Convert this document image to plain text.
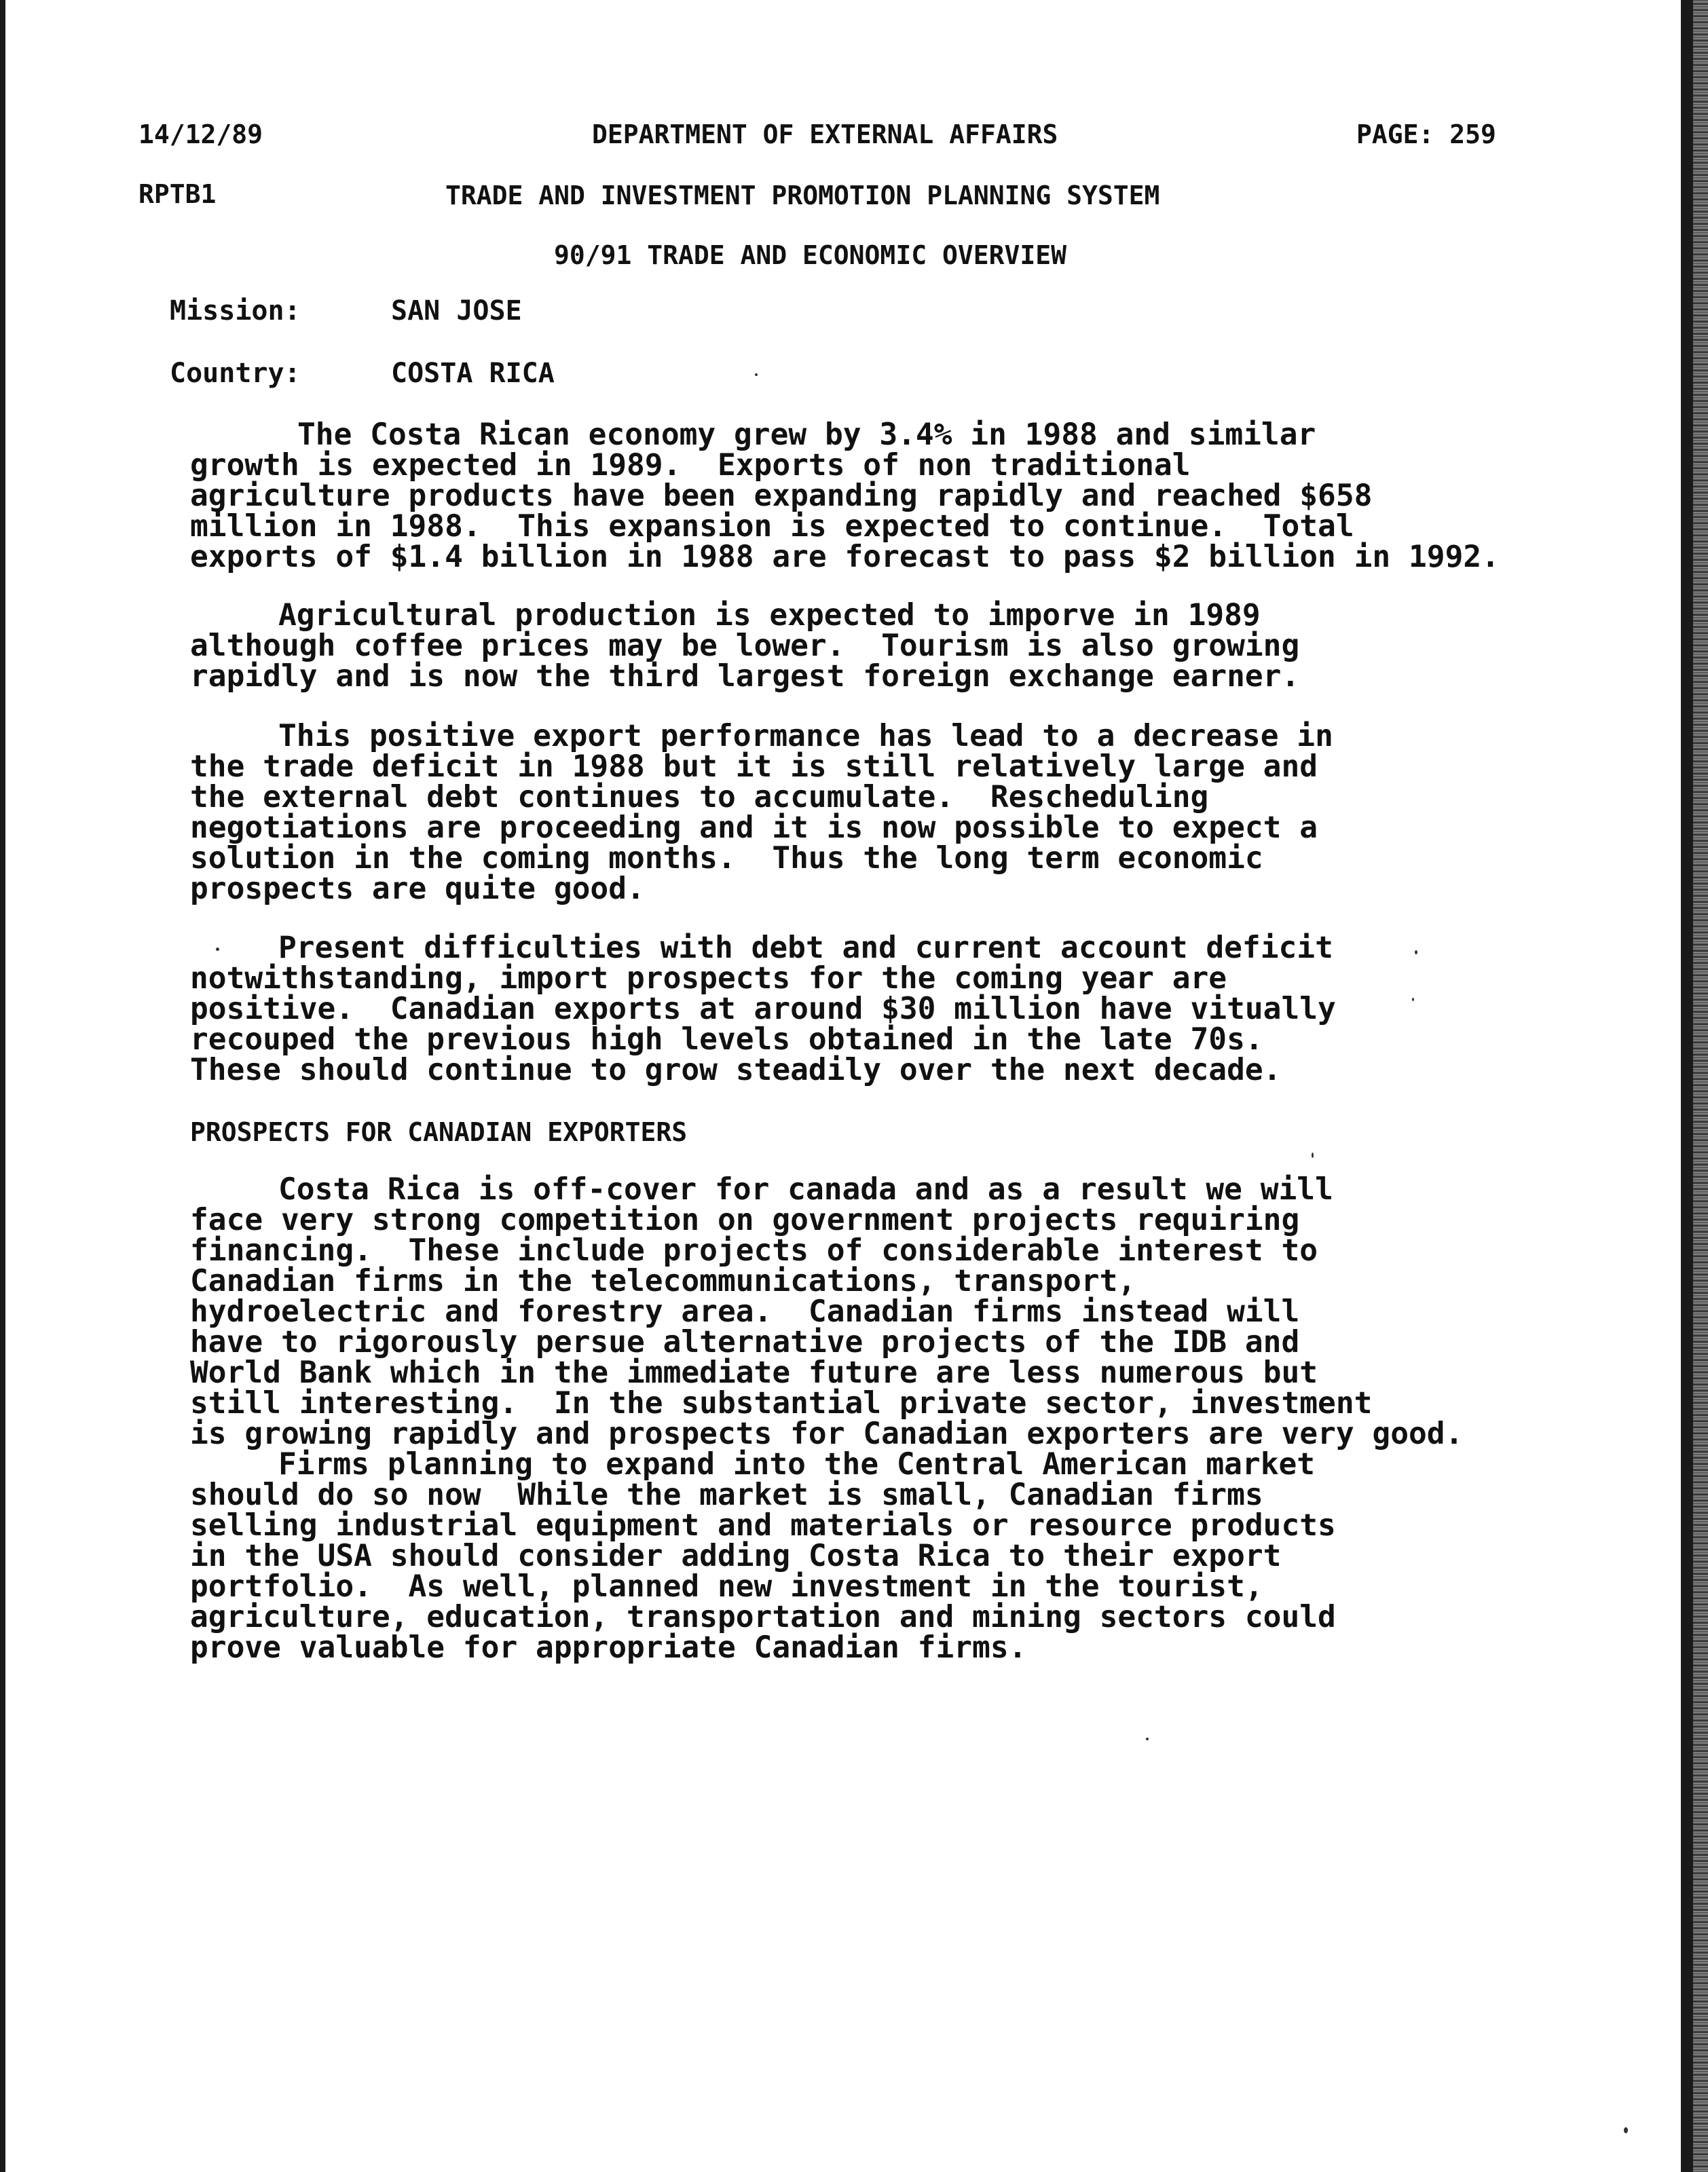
14/12/89	DEPARTMENT OF EXTERNAL AFFAIRS	PAGE: 259
RPTB1	TRADE AND INVESTMENT PROMOTION PLANNING SYSTEM
90/91 TRADE AND ECONOMIC OVERVIEW
Mission:	SAN JOSE
Country:	COSTA RICA
The Costa Rican economy grew by 3.4% in 1988 and similar
growth is expected in 1989.  Exports of non traditional
agriculture products have been expanding rapidly and reached $658
million in 1988.  This expansion is expected to continue.  Total
exports of $1.4 billion in 1988 are forecast to pass $2 billion in 1992.
Agricultural production is expected to imporve in 1989
although coffee prices may be lower.  Tourism is also growing
rapidly and is now the third largest foreign exchange earner.
This positive export performance has lead to a decrease in
the trade deficit in 1988 but it is still relatively large and
the external debt continues to accumulate.  Rescheduling
negotiations are proceeding and it is now possible to expect a
solution in the coming months.  Thus the long term economic
prospects are quite good.
Present difficulties with debt and current account deficit
notwithstanding, import prospects for the coming year are
positive.  Canadian exports at around $30 million have vitually
recouped the previous high levels obtained in the late 70s.
These should continue to grow steadily over the next decade.
PROSPECTS FOR CANADIAN EXPORTERS
Costa Rica is off-cover for canada and as a result we will
face very strong competition on government projects requiring
financing.  These include projects of considerable interest to
Canadian firms in the telecommunications, transport,
hydroelectric and forestry area.  Canadian firms instead will
have to rigorously persue alternative projects of the IDB and
World Bank which in the immediate future are less numerous but
still interesting.  In the substantial private sector, investment
is growing rapidly and prospects for Canadian exporters are very good.
Firms planning to expand into the Central American market
should do so now  While the market is small, Canadian firms
selling industrial equipment and materials or resource products
in the USA should consider adding Costa Rica to their export
portfolio.  As well, planned new investment in the tourist,
agriculture, education, transportation and mining sectors could
prove valuable for appropriate Canadian firms.
